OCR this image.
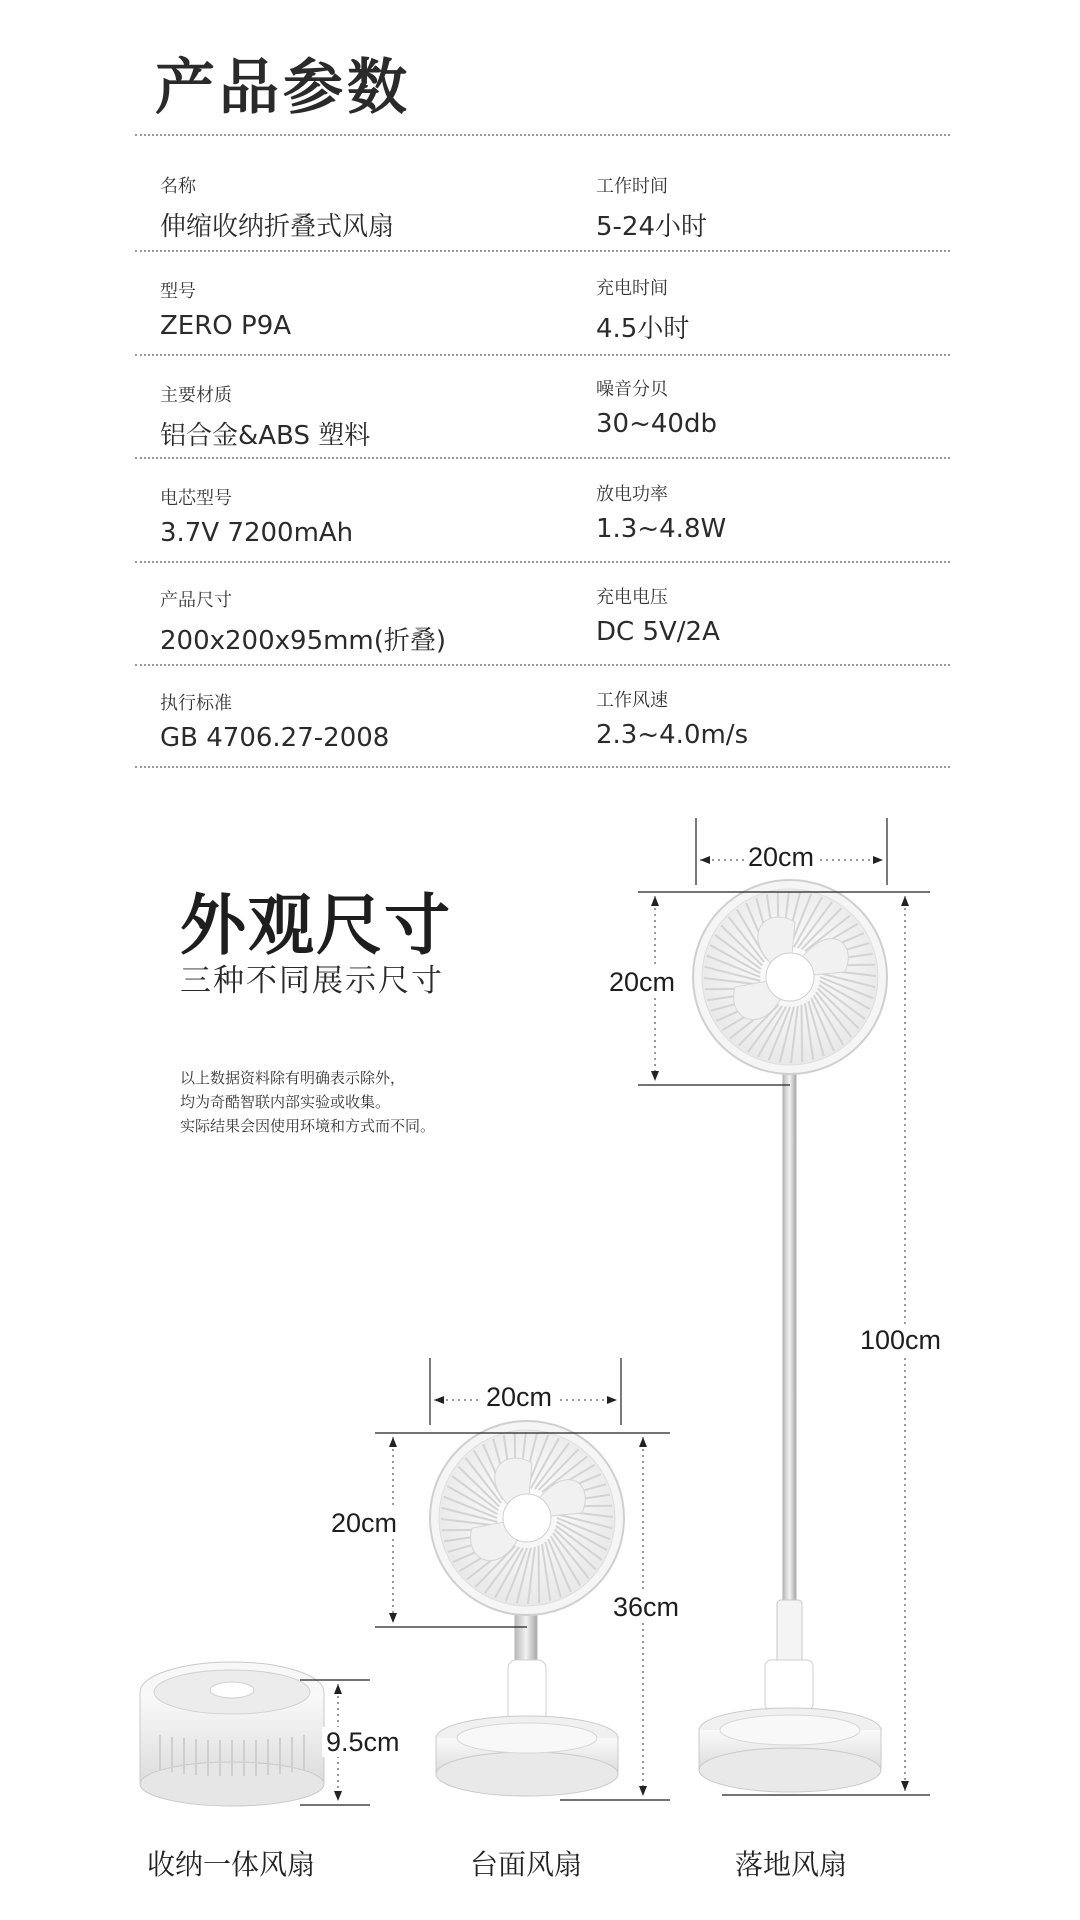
产品参数
名称
伸缩收纳折叠式风扇
工作时间
5-24小时
型号
ZERO P9A
充电时间
4.5小时
主要材质
铝合金&ABS 塑料
噪音分贝
30~40db
电芯型号
3.7V 7200mAh
放电功率
1.3~4.8W
产品尺寸
200x200x95mm(折叠)
充电电压
DC 5V/2A
执行标准
GB 4706.27-2008
工作风速
2.3~4.0m/s
外观尺寸
三种不同展示尺寸
以上数据资料除有明确表示除外，
均为奇酷智联内部实验或收集。
实际结果会因使用环境和方式而不同。
20cm
20cm
100cm
20cm
20cm
36cm
9.5cm
收纳一体风扇	台面风扇	落地风扇
